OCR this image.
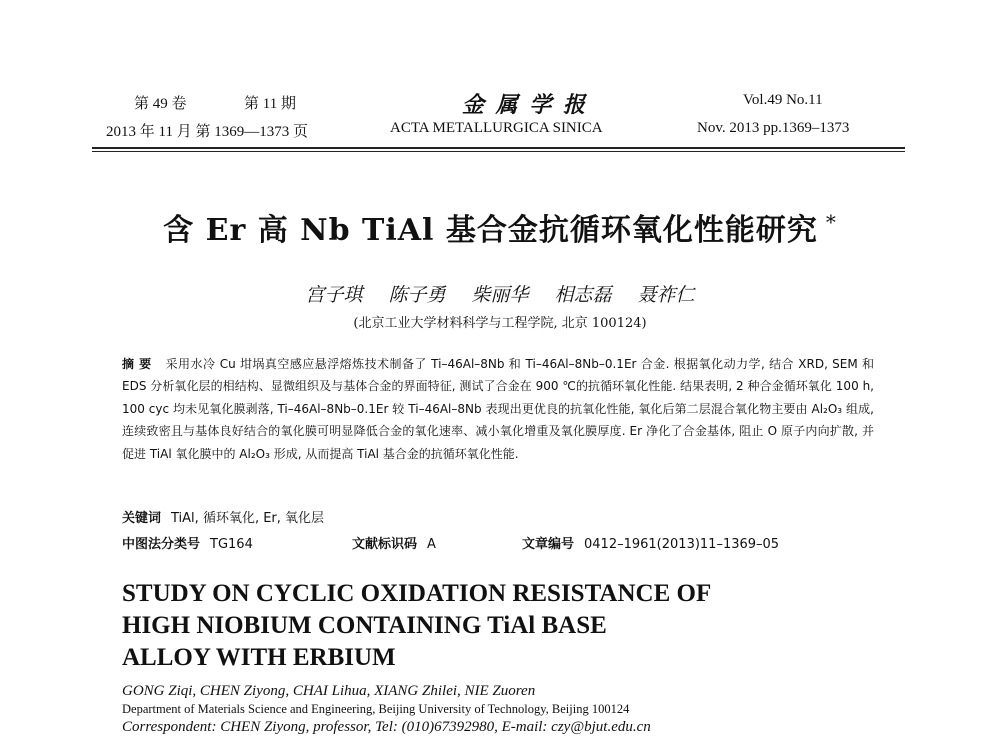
第 49 卷	第 11 期
2013 年 11 月 第 1369—1373 页
金 属 学 报
ACTA METALLURGICA SINICA
Vol.49 No.11
Nov. 2013 pp.1369–1373
含 Er 高 Nb TiAl 基合金抗循环氧化性能研究 *
宫子琪 陈子勇 柴丽华 相志磊 聂祚仁
(北京工业大学材料科学与工程学院, 北京 100124)
摘 要 采用水冷 Cu 坩埚真空感应悬浮熔炼技术制备了 Ti–46Al–8Nb 和 Ti–46Al–8Nb–0.1Er 合金. 根据氧化动力学, 结合 XRD, SEM 和 EDS 分析氧化层的相结构、显微组织及与基体合金的界面特征, 测试了合金在 900 ℃的抗循环氧化性能. 结果表明, 2 种合金循环氧化 100 h, 100 cyc 均未见氧化膜剥落, Ti–46Al–8Nb–0.1Er 较 Ti–46Al–8Nb 表现出更优良的抗氧化性能, 氧化后第二层混合氧化物主要由 Al₂O₃ 组成, 连续致密且与基体良好结合的氧化膜可明显降低合金的氧化速率、减小氧化增重及氧化膜厚度. Er 净化了合金基体, 阻止 O 原子内向扩散, 并促进 TiAl 氧化膜中的 Al₂O₃ 形成, 从而提高 TiAl 基合金的抗循环氧化性能.
关键词 TiAl, 循环氧化, Er, 氧化层
中图法分类号 TG164	文献标识码 A	文章编号 0412–1961(2013)11–1369–05
STUDY ON CYCLIC OXIDATION RESISTANCE OF
HIGH NIOBIUM CONTAINING TiAl BASE
ALLOY WITH ERBIUM
GONG Ziqi, CHEN Ziyong, CHAI Lihua, XIANG Zhilei, NIE Zuoren
Department of Materials Science and Engineering, Beijing University of Technology, Beijing 100124
Correspondent: CHEN Ziyong, professor, Tel: (010)67392980, E-mail: czy@bjut.edu.cn
